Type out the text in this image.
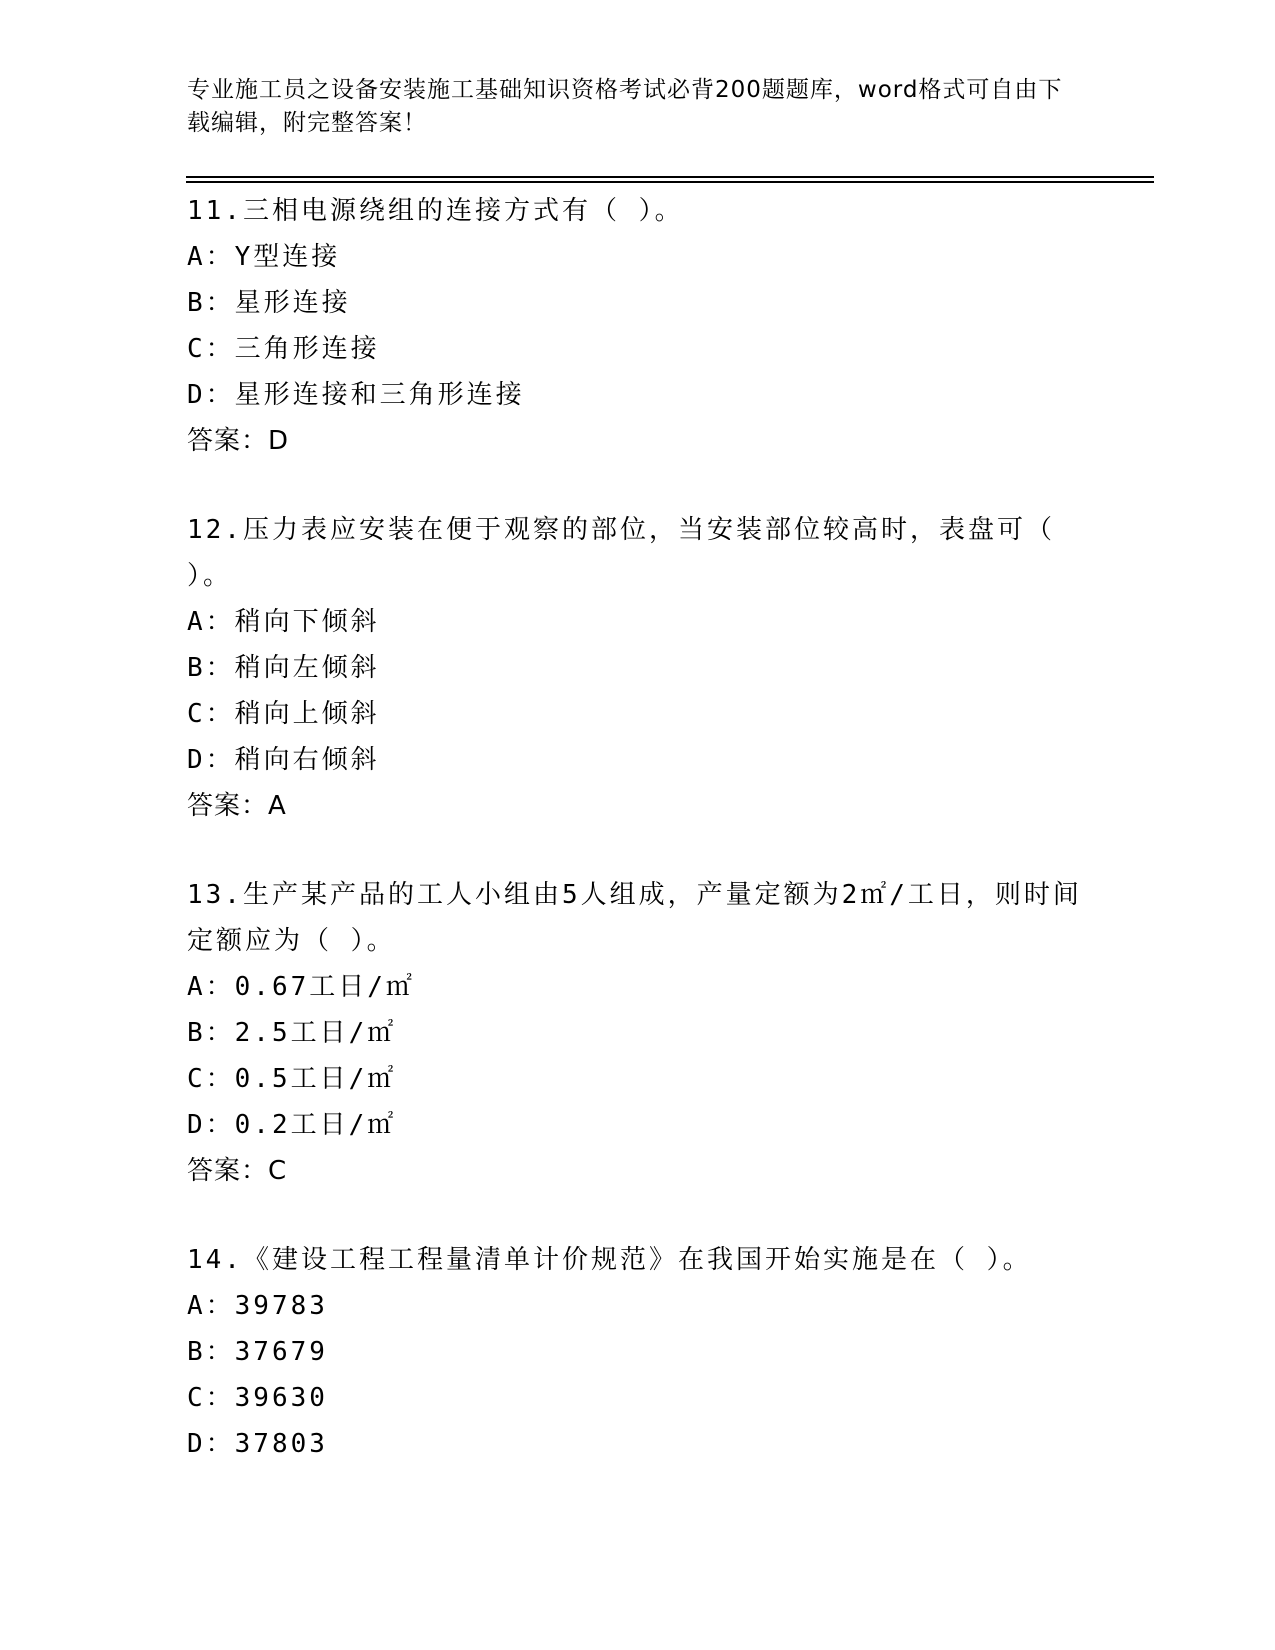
专业施工员之设备安装施工基础知识资格考试必背200题题库，word格式可自由下载编辑，附完整答案！
11.三相电源绕组的连接方式有（ ）。
A：Y型连接
B：星形连接
C：三角形连接
D：星形连接和三角形连接
答案：D
12.压力表应安装在便于观察的部位，当安装部位较高时，表盘可（ ）。
A：稍向下倾斜
B：稍向左倾斜
C：稍向上倾斜
D：稍向右倾斜
答案：A
13.生产某产品的工人小组由5人组成，产量定额为2㎡/工日，则时间定额应为（ ）。
A：0.67工日/㎡
B：2.5工日/㎡
C：0.5工日/㎡
D：0.2工日/㎡
答案：C
14.《建设工程工程量清单计价规范》在我国开始实施是在（ ）。
A：39783
B：37679
C：39630
D：37803
